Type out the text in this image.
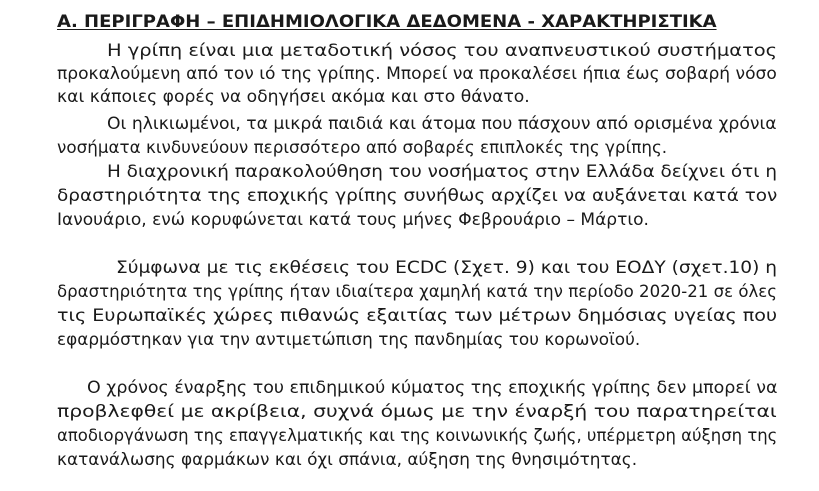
Α. ΠΕΡΙΓΡΑΦΗ – ΕΠΙΔΗΜΙΟΛΟΓΙΚΑ ΔΕΔΟΜΕΝΑ - ΧΑΡΑΚΤΗΡΙΣΤΙΚΑ

Η γρίπη είναι μια μεταδοτική νόσος του αναπνευστικού συστήματος

προκαλούμενη από τον ιό της γρίπης. Μπορεί να προκαλέσει ήπια έως σοβαρή νόσο

και κάποιες φορές να οδηγήσει ακόμα και στο θάνατο.

Οι ηλικιωμένοι, τα μικρά παιδιά και άτομα που πάσχουν από ορισμένα χρόνια

νοσήματα κινδυνεύουν περισσότερο από σοβαρές επιπλοκές της γρίπης.

Η διαχρονική παρακολούθηση του νοσήματος στην Ελλάδα δείχνει ότι η

δραστηριότητα της εποχικής γρίπης συνήθως αρχίζει να αυξάνεται κατά τον

Ιανουάριο, ενώ κορυφώνεται κατά τους μήνες Φεβρουάριο – Μάρτιο.

Σύμφωνα με τις εκθέσεις του ECDC (Σχετ. 9) και του ΕΟΔΥ (σχετ.10) η

δραστηριότητα της γρίπης ήταν ιδιαίτερα χαμηλή κατά την περίοδο 2020-21 σε όλες

τις Ευρωπαϊκές χώρες πιθανώς εξαιτίας των μέτρων δημόσιας υγείας που

εφαρμόστηκαν για την αντιμετώπιση της πανδημίας του κορωνοϊού.

Ο χρόνος έναρξης του επιδημικού κύματος της εποχικής γρίπης δεν μπορεί να

προβλεφθεί με ακρίβεια, συχνά όμως με την έναρξή του παρατηρείται

αποδιοργάνωση της επαγγελματικής και της κοινωνικής ζωής, υπέρμετρη αύξηση της

κατανάλωσης φαρμάκων και όχι σπάνια, αύξηση της θνησιμότητας.
